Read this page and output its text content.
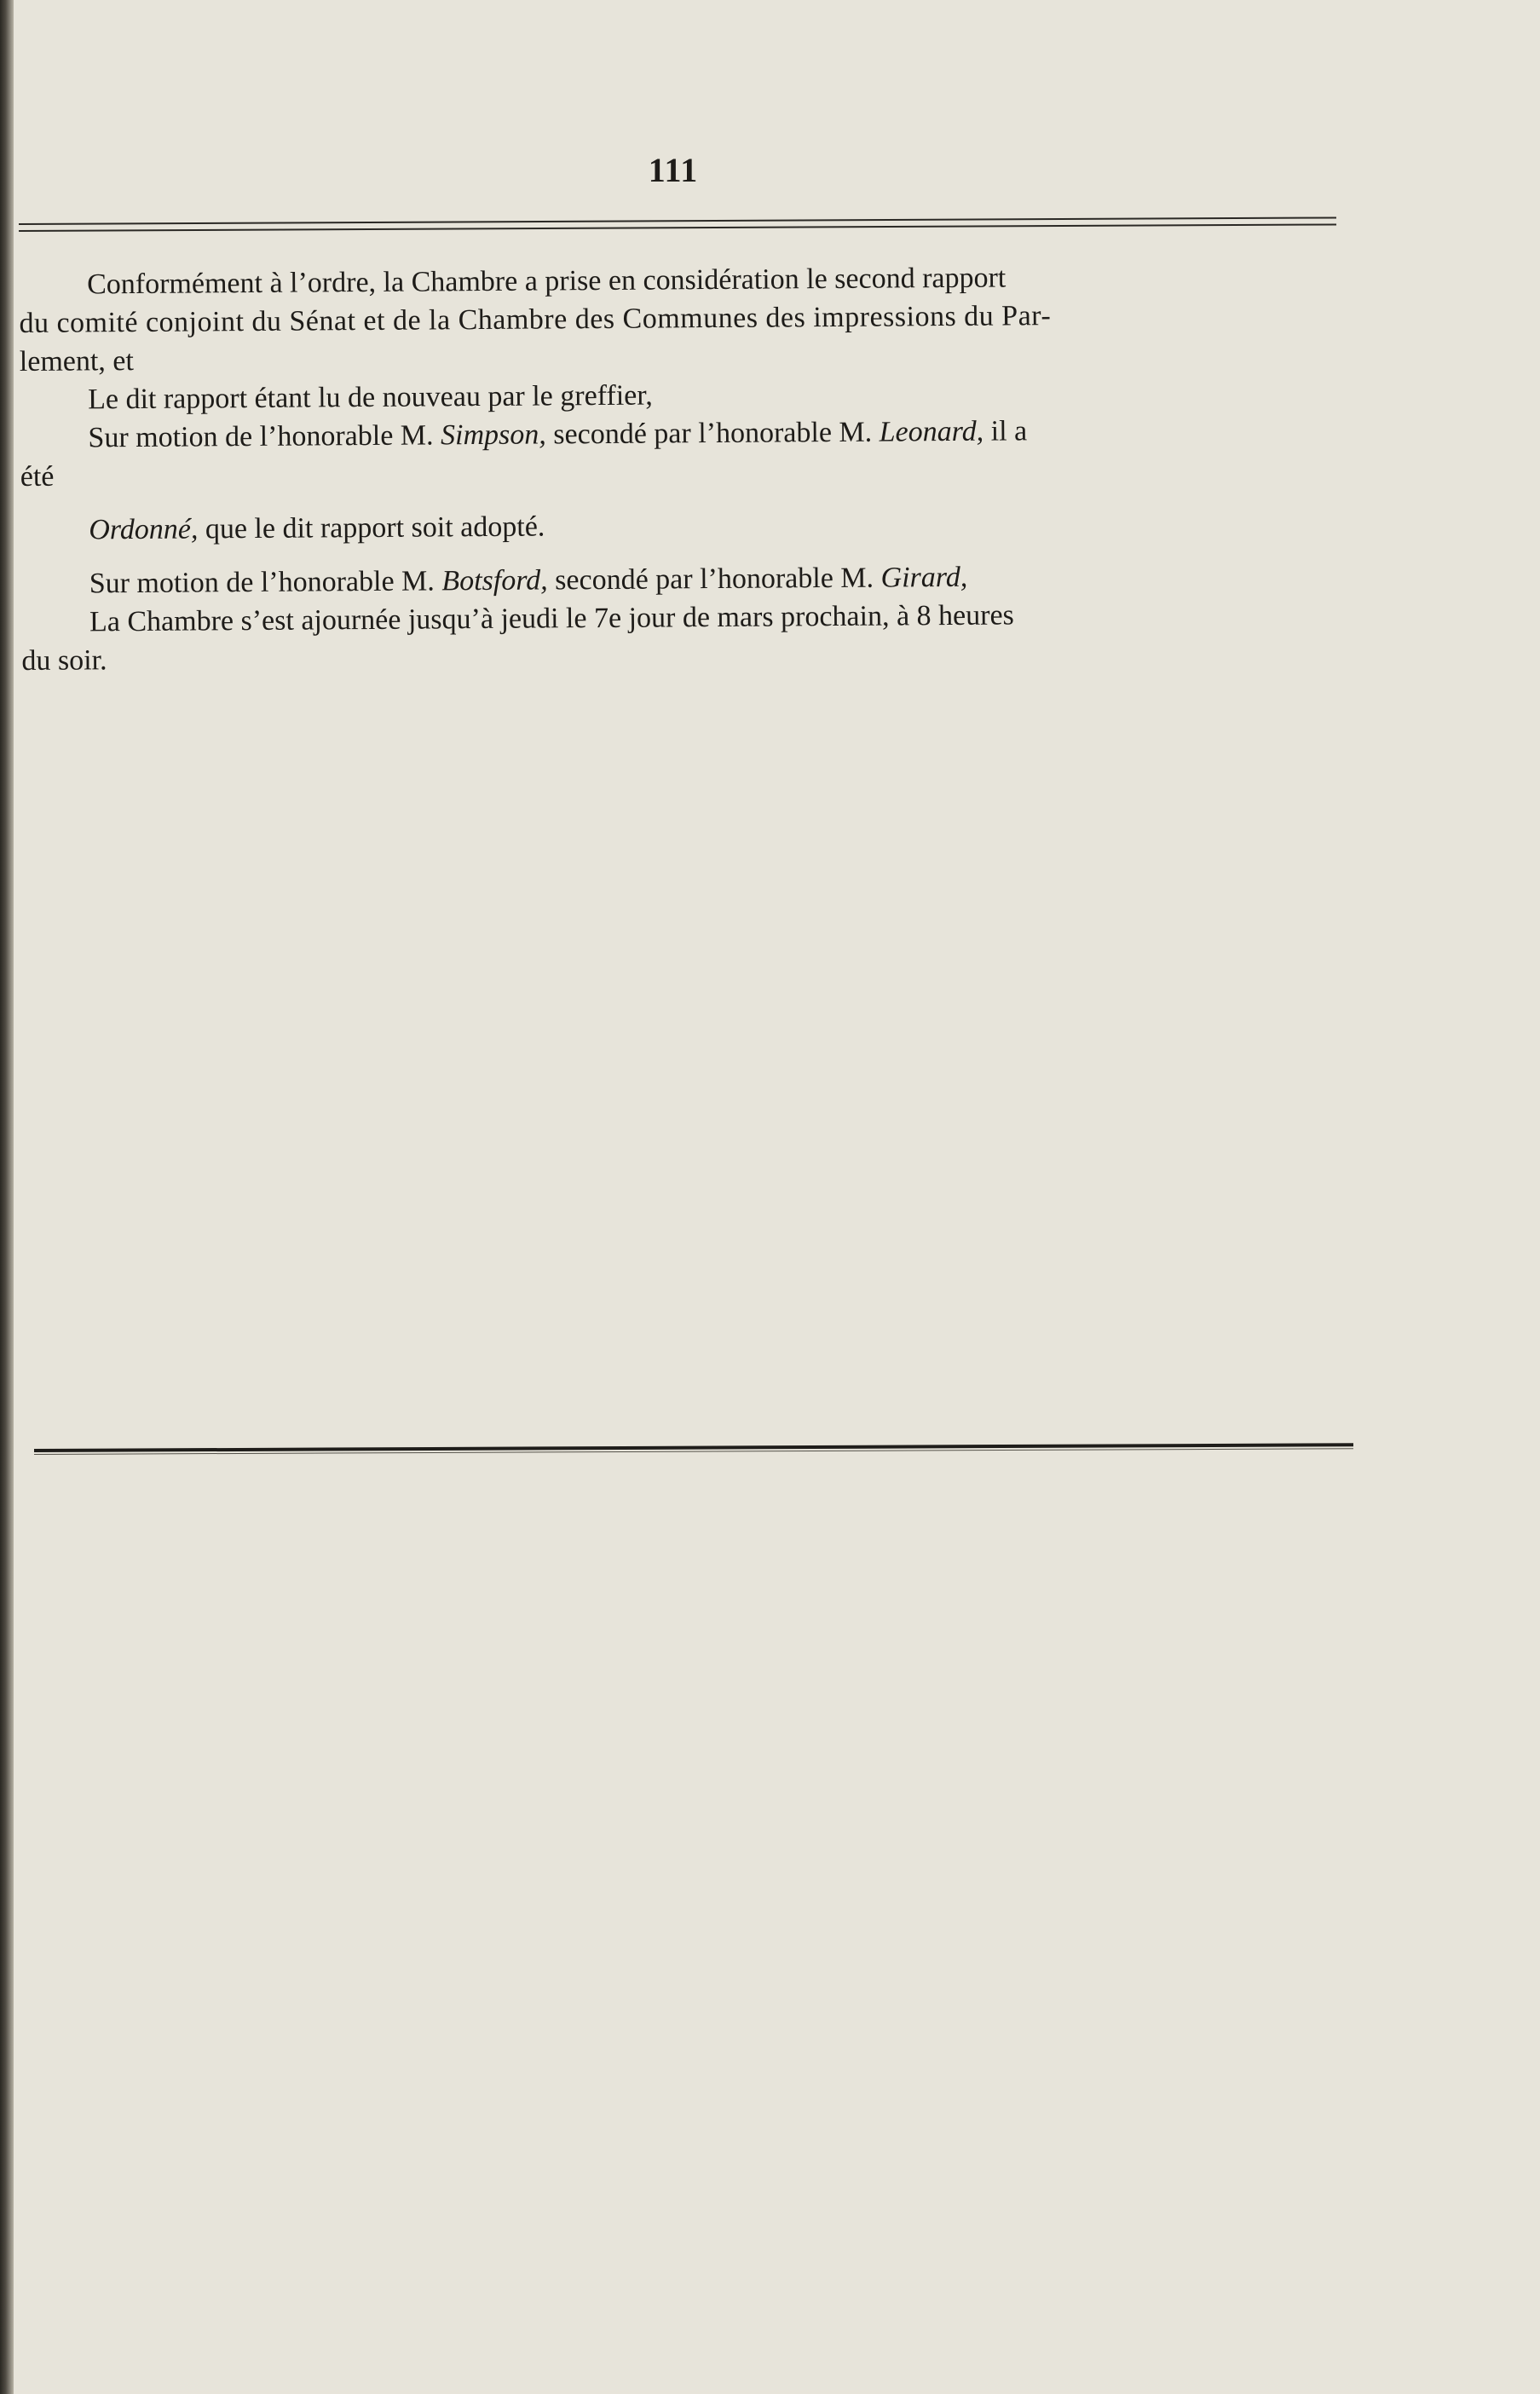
111
Conformément à l’ordre, la Chambre a prise en considération le second rapport
du comité conjoint du Sénat et de la Chambre des Communes des impressions du Par-
lement, et
Le dit rapport étant lu de nouveau par le greffier,
Sur motion de l’honorable M. Simpson, secondé par l’honorable M. Leonard, il a
été
Ordonné, que le dit rapport soit adopté.
Sur motion de l’honorable M. Botsford, secondé par l’honorable M. Girard,
La Chambre s’est ajournée jusqu’à jeudi le 7e jour de mars prochain, à 8 heures
du soir.
